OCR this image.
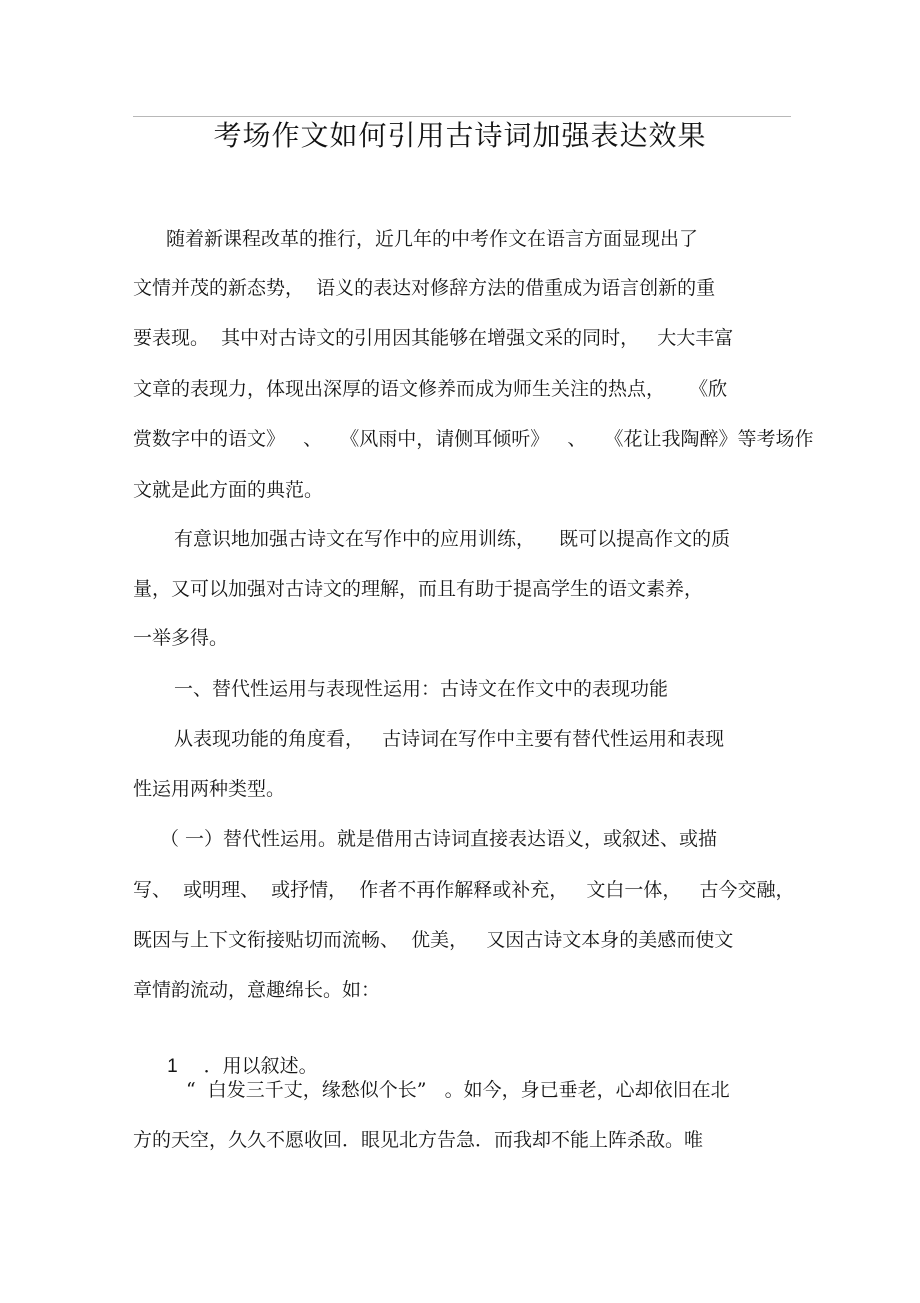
考场作文如何引用古诗词加强表达效果
随着新课程改革的推行，近几年的中考作文在语言方面显现出了
文情并茂的新态势，  语义的表达对修辞方法的借重成为语言创新的重
要表现。  其中对古诗文的引用因其能够在增强文采的同时，   大大丰富
文章的表现力，体现出深厚的语文修养而成为师生关注的热点，    《欣
赏数字中的语文》   、   《风雨中，请侧耳倾听》   、   《花让我陶醉》等考场作
文就是此方面的典范。
有意识地加强古诗文在写作中的应用训练，    既可以提高作文的质
量，又可以加强对古诗文的理解，而且有助于提高学生的语文素养，
一举多得。
一、替代性运用与表现性运用：古诗文在作文中的表现功能
从表现功能的角度看，   古诗词在写作中主要有替代性运用和表现
性运用两种类型。
（ 一）替代性运用。就是借用古诗词直接表达语义，或叙述、或描
写、  或明理、  或抒情，  作者不再作解释或补充，   文白一体，   古今交融，
既因与上下文衔接贴切而流畅、  优美，   又因古诗文本身的美感而使文
章情韵流动，意趣绵长。如：

1 ．用以叙述。

“  白发三千丈，缘愁似个长”   。如今，身已垂老，心却依旧在北
方的天空，久久不愿收回．眼见北方告急．而我却不能上阵杀敌。唯
